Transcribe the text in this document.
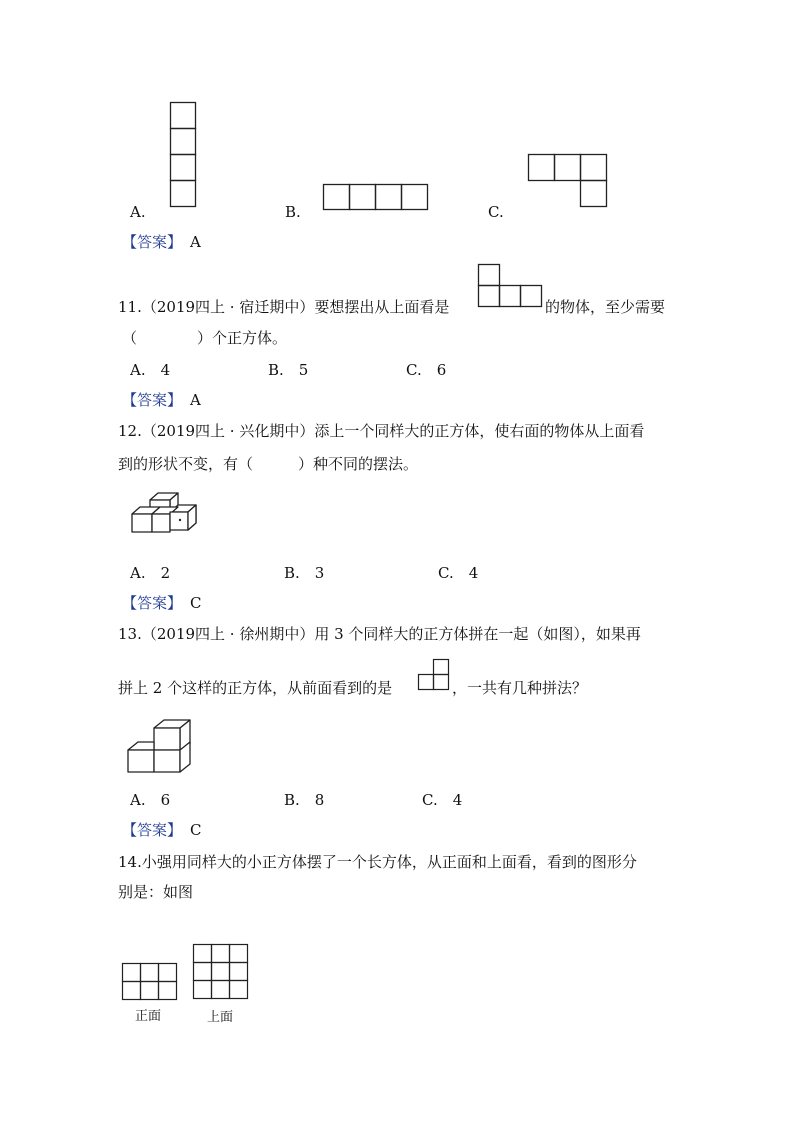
A.	B.	C.
【答案】 A
11.（2019四上 · 宿迁期中）要想摆出从上面看是	的物体，至少需要
（　　　　）个正方体。
A.　4	B.　5	C.　6
【答案】 A
12.（2019四上 · 兴化期中）添上一个同样大的正方体，使右面的物体从上面看
到的形状不变，有（　　　）种不同的摆法。
A.　2	B.　3	C.　4
【答案】 C
13.（2019四上 · 徐州期中）用 3 个同样大的正方体拼在一起（如图），如果再
拼上 2 个这样的正方体，从前面看到的是	，一共有几种拼法？
A.　6	B.　8	C.　4
【答案】 C
14.小强用同样大的小正方体摆了一个长方体，从正面和上面看，看到的图形分
别是：如图
正面	上面
